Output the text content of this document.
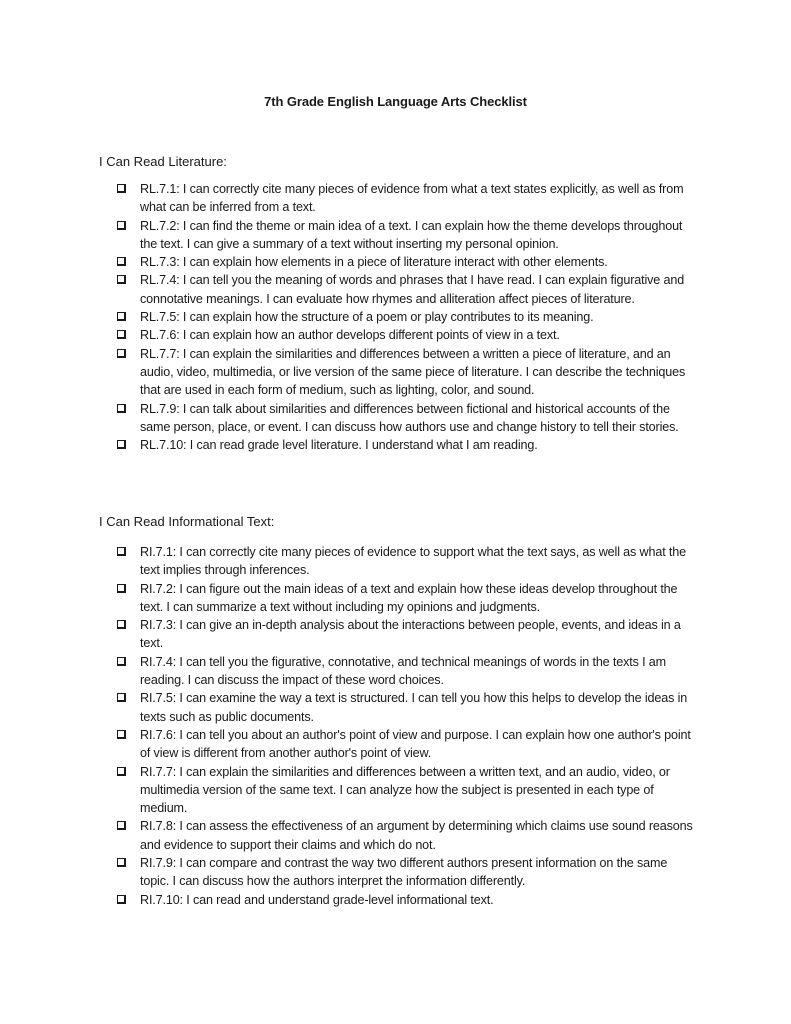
7th Grade English Language Arts Checklist
I Can Read Literature:
RL.7.1: I can correctly cite many pieces of evidence from what a text states explicitly, as well as from what can be inferred from a text.
RL.7.2: I can find the theme or main idea of a text. I can explain how the theme develops throughout the text. I can give a summary of a text without inserting my personal opinion.
RL.7.3: I can explain how elements in a piece of literature interact with other elements.
RL.7.4: I can tell you the meaning of words and phrases that I have read. I can explain figurative and connotative meanings. I can evaluate how rhymes and alliteration affect pieces of literature.
RL.7.5: I can explain how the structure of a poem or play contributes to its meaning.
RL.7.6: I can explain how an author develops different points of view in a text.
RL.7.7: I can explain the similarities and differences between a written a piece of literature, and an audio, video, multimedia, or live version of the same piece of literature. I can describe the techniques that are used in each form of medium, such as lighting, color, and sound.
RL.7.9: I can talk about similarities and differences between fictional and historical accounts of the same person, place, or event. I can discuss how authors use and change history to tell their stories.
RL.7.10: I can read grade level literature. I understand what I am reading.
I Can Read Informational Text:
RI.7.1: I can correctly cite many pieces of evidence to support what the text says, as well as what the text implies through inferences.
RI.7.2: I can figure out the main ideas of a text and explain how these ideas develop throughout the text. I can summarize a text without including my opinions and judgments.
RI.7.3: I can give an in-depth analysis about the interactions between people, events, and ideas in a text.
RI.7.4: I can tell you the figurative, connotative, and technical meanings of words in the texts I am reading. I can discuss the impact of these word choices.
RI.7.5: I can examine the way a text is structured. I can tell you how this helps to develop the ideas in texts such as public documents.
RI.7.6: I can tell you about an author's point of view and purpose. I can explain how one author's point of view is different from another author's point of view.
RI.7.7: I can explain the similarities and differences between a written text, and an audio, video, or multimedia version of the same text. I can analyze how the subject is presented in each type of medium.
RI.7.8: I can assess the effectiveness of an argument by determining which claims use sound reasons and evidence to support their claims and which do not.
RI.7.9: I can compare and contrast the way two different authors present information on the same topic. I can discuss how the authors interpret the information differently.
RI.7.10: I can read and understand grade-level informational text.
